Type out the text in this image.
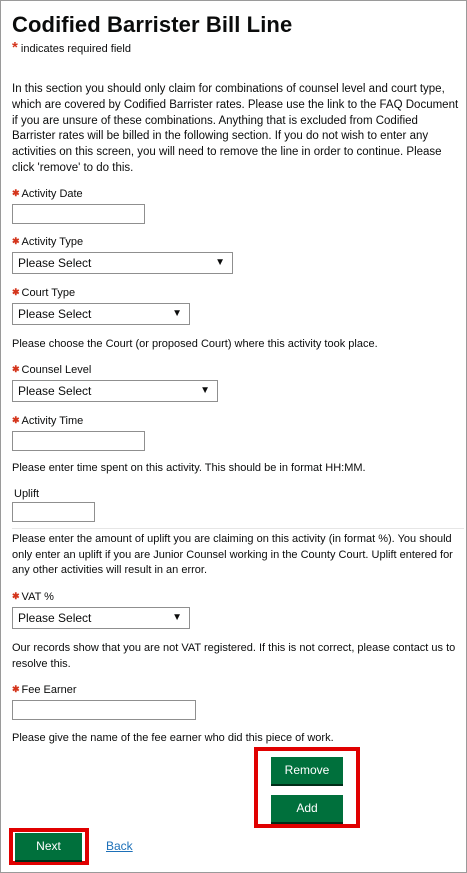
Codified Barrister Bill Line
* indicates required field
In this section you should only claim for combinations of counsel level and court type, which are covered by Codified Barrister rates. Please use the link to the FAQ Document if you are unsure of these combinations. Anything that is excluded from Codified Barrister rates will be billed in the following section. If you do not wish to enter any activities on this screen, you will need to remove the line in order to continue. Please click 'remove' to do this.
✱ Activity Date
✱ Activity Type
Please Select	▼
✱ Court Type
Please Select	▼
Please choose the Court (or proposed Court) where this activity took place.
✱ Counsel Level
Please Select	▼
✱ Activity Time
Please enter time spent on this activity. This should be in format HH:MM.
Uplift
Please enter the amount of uplift you are claiming on this activity (in format %). You should only enter an uplift if you are Junior Counsel working in the County Court. Uplift entered for any other activities will result in an error.
✱ VAT %
Please Select	▼
Our records show that you are not VAT registered. If this is not correct, please contact us to resolve this.
✱ Fee Earner
Please give the name of the fee earner who did this piece of work.
Remove
Add
Next	Back
